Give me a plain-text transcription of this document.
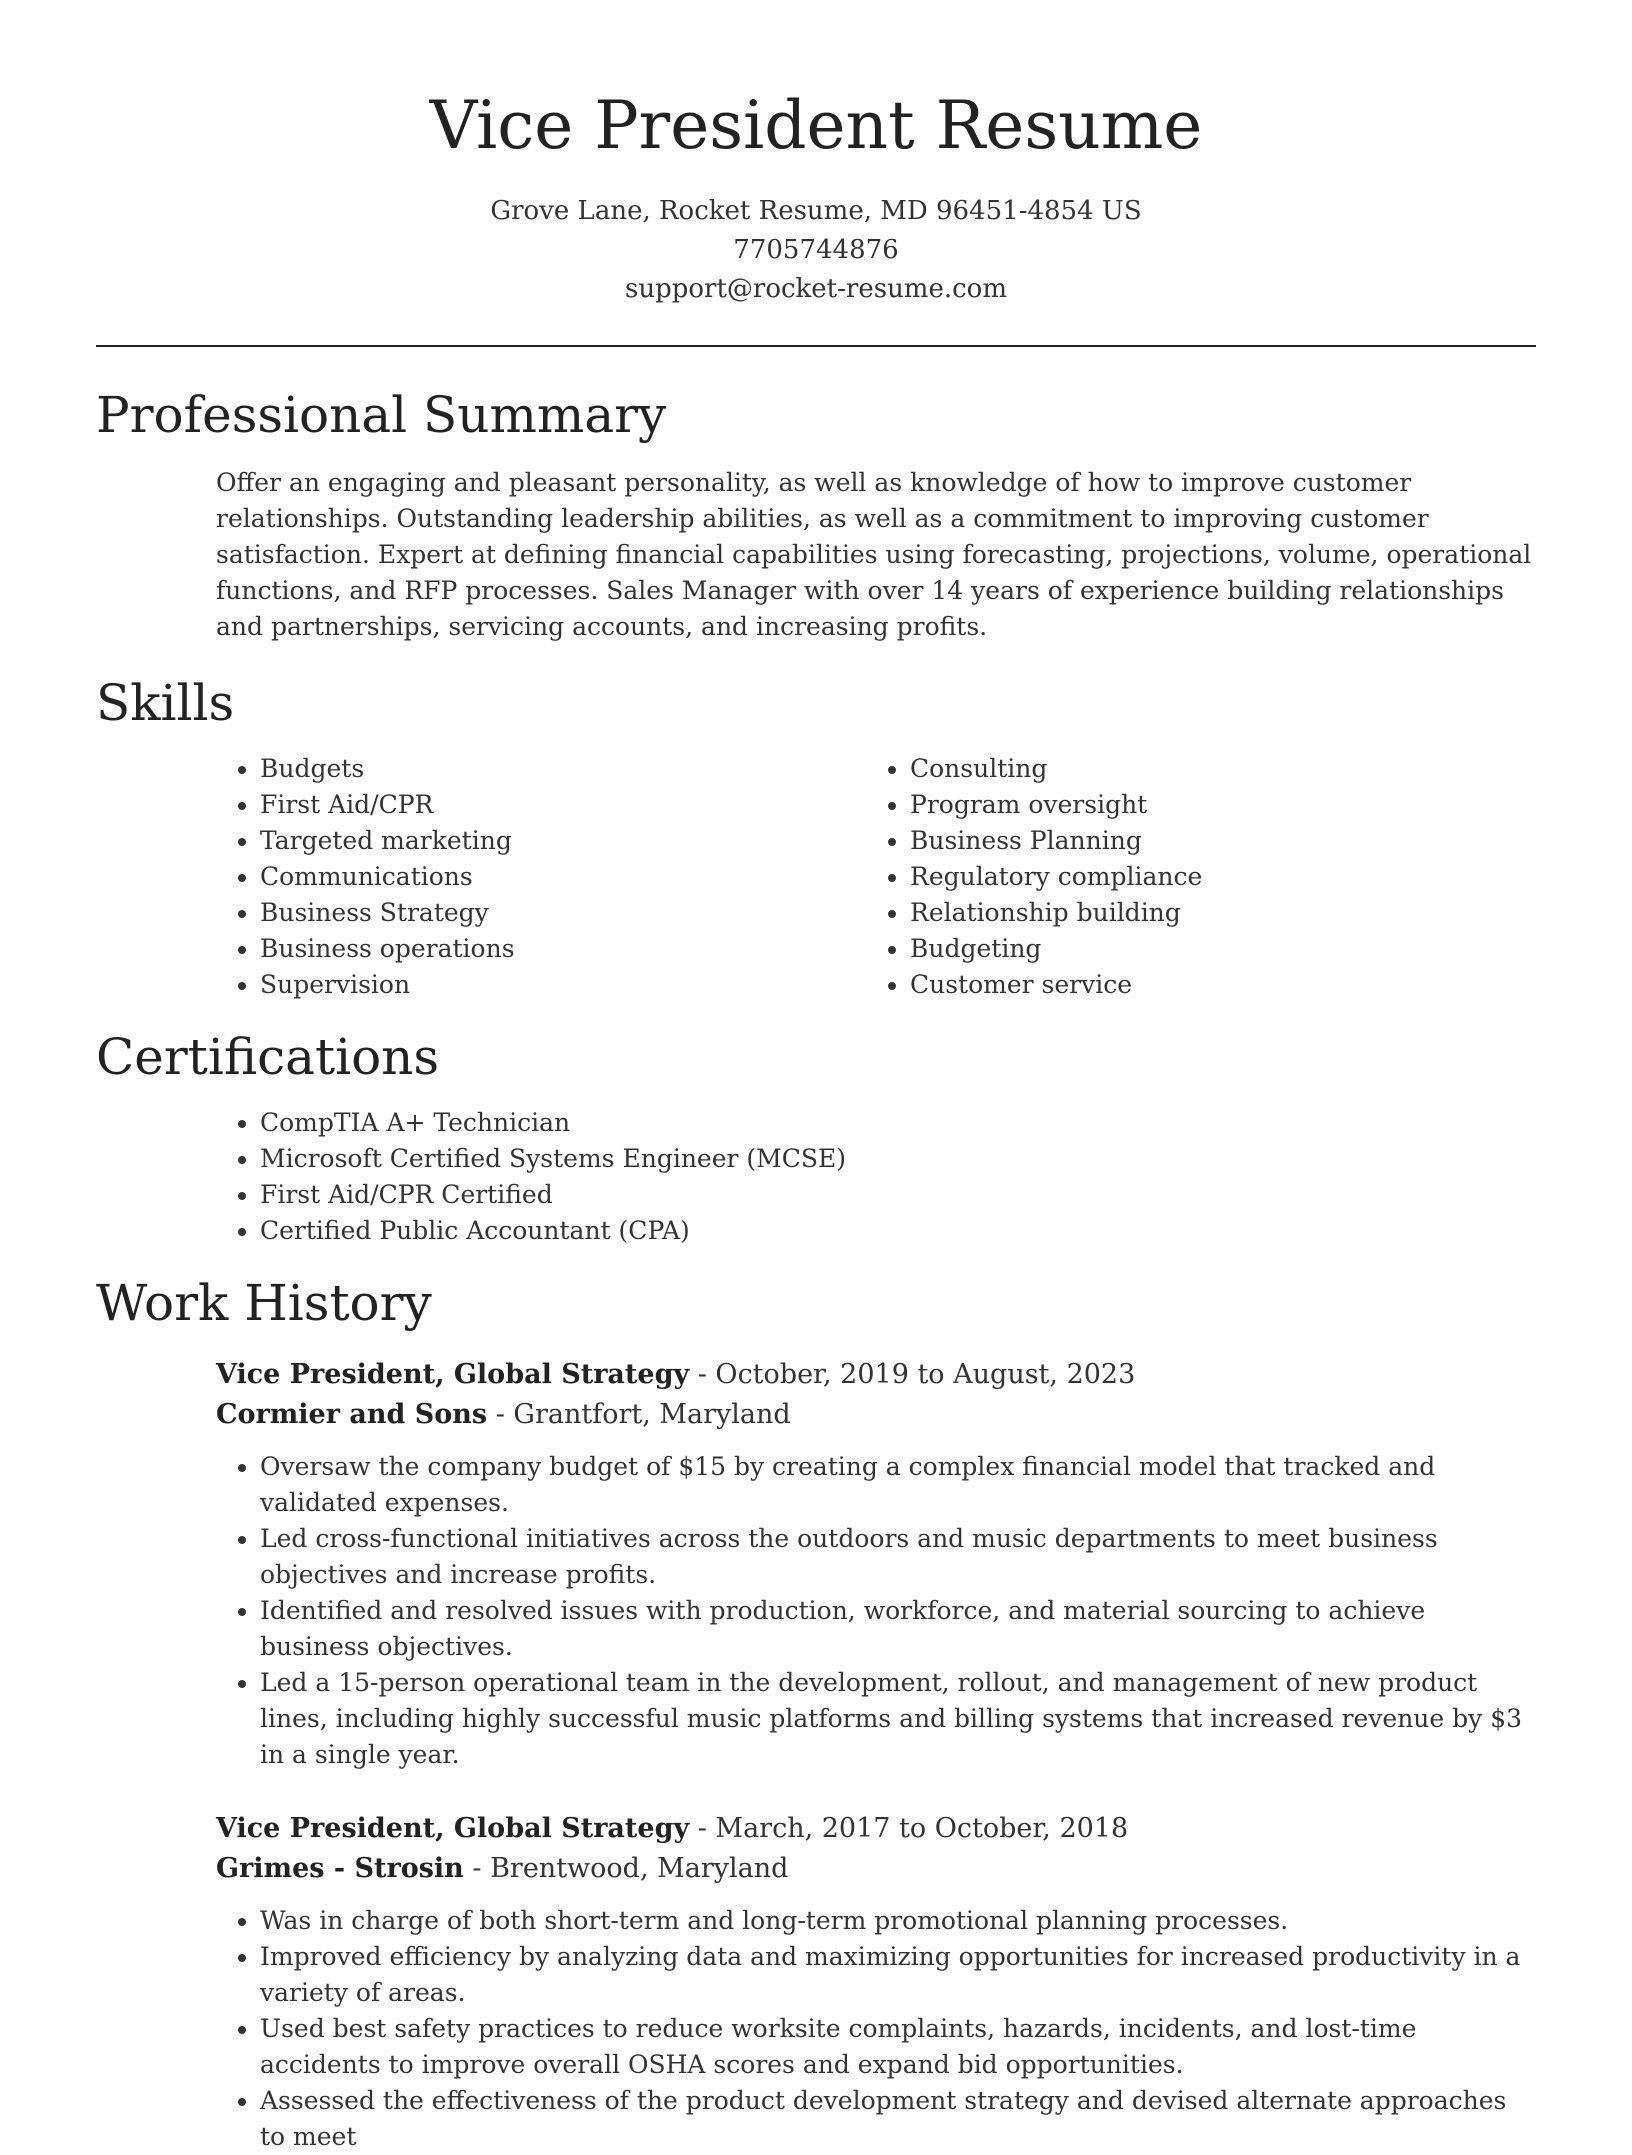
Vice President Resume
Grove Lane, Rocket Resume, MD 96451-4854 US
7705744876
support@rocket-resume.com
Professional Summary

Offer an engaging and pleasant personality, as well as knowledge of how to improve customer relationships. Outstanding leadership abilities, as well as a commitment to improving customer satisfaction. Expert at defining financial capabilities using forecasting, projections, volume, operational functions, and RFP processes. Sales Manager with over 14 years of experience building relationships and partnerships, servicing accounts, and increasing profits.

Skills
• Budgets
• First Aid/CPR
• Targeted marketing
• Communications
• Business Strategy
• Business operations
• Supervision
• Consulting
• Program oversight
• Business Planning
• Regulatory compliance
• Relationship building
• Budgeting
• Customer service
Certifications
• CompTIA A+ Technician
• Microsoft Certified Systems Engineer (MCSE)
• First Aid/CPR Certified
• Certified Public Accountant (CPA)
Work History
Vice President, Global Strategy - October, 2019 to August, 2023
Cormier and Sons - Grantfort, Maryland
• Oversaw the company budget of $15 by creating a complex financial model that tracked and validated expenses.
• Led cross-functional initiatives across the outdoors and music departments to meet business objectives and increase profits.
• Identified and resolved issues with production, workforce, and material sourcing to achieve business objectives.
• Led a 15-person operational team in the development, rollout, and management of new product lines, including highly successful music platforms and billing systems that increased revenue by $3 in a single year.
Vice President, Global Strategy - March, 2017 to October, 2018
Grimes - Strosin - Brentwood, Maryland
• Was in charge of both short-term and long-term promotional planning processes.
• Improved efficiency by analyzing data and maximizing opportunities for increased productivity in a variety of areas.
• Used best safety practices to reduce worksite complaints, hazards, incidents, and lost-time accidents to improve overall OSHA scores and expand bid opportunities.
• Assessed the effectiveness of the product development strategy and devised alternate approaches to meet
